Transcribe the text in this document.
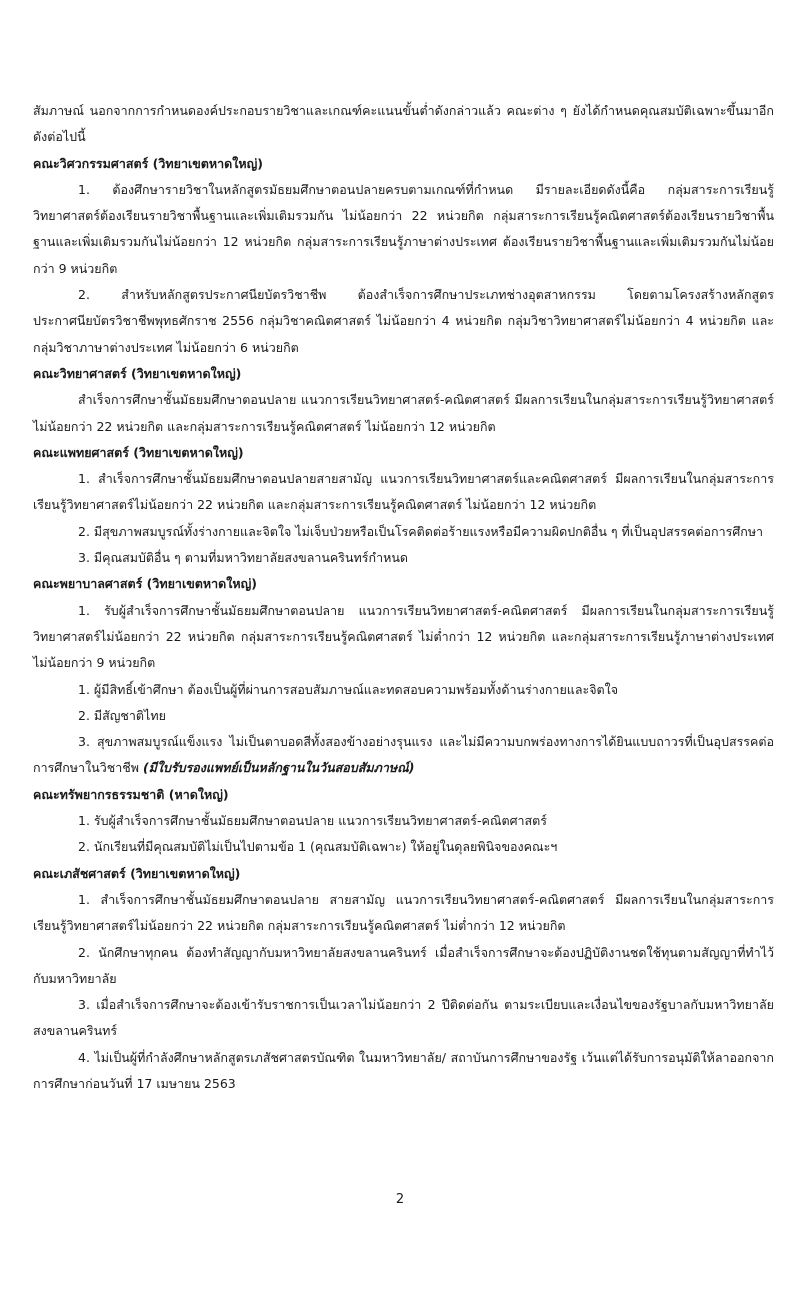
สัมภาษณ์ นอกจากการกำหนดองค์ประกอบรายวิชาและเกณฑ์คะแนนขั้นต่ำดังกล่าวแล้ว คณะต่าง ๆ ยังได้กำหนดคุณสมบัติเฉพาะขึ้นมาอีกดังต่อไปนี้

คณะวิศวกรรมศาสตร์ (วิทยาเขตหาดใหญ่)

1. ต้องศึกษารายวิชาในหลักสูตรมัธยมศึกษาตอนปลายครบตามเกณฑ์ที่กำหนด มีรายละเอียดดังนี้คือ กลุ่มสาระการเรียนรู้วิทยาศาสตร์ต้องเรียนรายวิชาพื้นฐานและเพิ่มเติมรวมกัน ไม่น้อยกว่า 22 หน่วยกิต กลุ่มสาระการเรียนรู้คณิตศาสตร์ต้องเรียนรายวิชาพื้นฐานและเพิ่มเติมรวมกันไม่น้อยกว่า 12 หน่วยกิต กลุ่มสาระการเรียนรู้ภาษาต่างประเทศ ต้องเรียนรายวิชาพื้นฐานและเพิ่มเติมรวมกันไม่น้อยกว่า 9 หน่วยกิต

2. สำหรับหลักสูตรประกาศนียบัตรวิชาชีพ ต้องสำเร็จการศึกษาประเภทช่างอุตสาหกรรม โดยตามโครงสร้างหลักสูตรประกาศนียบัตรวิชาชีพพุทธศักราช 2556 กลุ่มวิชาคณิตศาสตร์ ไม่น้อยกว่า 4 หน่วยกิต กลุ่มวิชาวิทยาศาสตร์ไม่น้อยกว่า 4 หน่วยกิต และกลุ่มวิชาภาษาต่างประเทศ ไม่น้อยกว่า 6 หน่วยกิต

คณะวิทยาศาสตร์ (วิทยาเขตหาดใหญ่)

สำเร็จการศึกษาชั้นมัธยมศึกษาตอนปลาย แนวการเรียนวิทยาศาสตร์-คณิตศาสตร์ มีผลการเรียนในกลุ่มสาระการเรียนรู้วิทยาศาสตร์ไม่น้อยกว่า 22 หน่วยกิต และกลุ่มสาระการเรียนรู้คณิตศาสตร์ ไม่น้อยกว่า 12 หน่วยกิต

คณะแพทยศาสตร์ (วิทยาเขตหาดใหญ่)

1. สำเร็จการศึกษาชั้นมัธยมศึกษาตอนปลายสายสามัญ แนวการเรียนวิทยาศาสตร์และคณิตศาสตร์ มีผลการเรียนในกลุ่มสาระการเรียนรู้วิทยาศาสตร์ไม่น้อยกว่า 22 หน่วยกิต และกลุ่มสาระการเรียนรู้คณิตศาสตร์ ไม่น้อยกว่า 12 หน่วยกิต

2. มีสุขภาพสมบูรณ์ทั้งร่างกายและจิตใจ ไม่เจ็บป่วยหรือเป็นโรคติดต่อร้ายแรงหรือมีความผิดปกติอื่น ๆ ที่เป็นอุปสรรคต่อการศึกษา

3. มีคุณสมบัติอื่น ๆ ตามที่มหาวิทยาลัยสงขลานครินทร์กำหนด

คณะพยาบาลศาสตร์ (วิทยาเขตหาดใหญ่)

1. รับผู้สำเร็จการศึกษาชั้นมัธยมศึกษาตอนปลาย แนวการเรียนวิทยาศาสตร์-คณิตศาสตร์ มีผลการเรียนในกลุ่มสาระการเรียนรู้วิทยาศาสตร์ไม่น้อยกว่า 22 หน่วยกิต กลุ่มสาระการเรียนรู้คณิตศาสตร์ ไม่ต่ำกว่า 12 หน่วยกิต และกลุ่มสาระการเรียนรู้ภาษาต่างประเทศ ไม่น้อยกว่า 9 หน่วยกิต

1. ผู้มีสิทธิ์เข้าศึกษา ต้องเป็นผู้ที่ผ่านการสอบสัมภาษณ์และทดสอบความพร้อมทั้งด้านร่างกายและจิตใจ

2. มีสัญชาติไทย

3. สุขภาพสมบูรณ์แข็งแรง ไม่เป็นตาบอดสีทั้งสองข้างอย่างรุนแรง และไม่มีความบกพร่องทางการได้ยินแบบถาวรที่เป็นอุปสรรคต่อการศึกษาในวิชาชีพ (มีใบรับรองแพทย์เป็นหลักฐานในวันสอบสัมภาษณ์)

คณะทรัพยากรธรรมชาติ (หาดใหญ่)

1. รับผู้สำเร็จการศึกษาชั้นมัธยมศึกษาตอนปลาย แนวการเรียนวิทยาศาสตร์-คณิตศาสตร์

2. นักเรียนที่มีคุณสมบัติไม่เป็นไปตามข้อ 1 (คุณสมบัติเฉพาะ) ให้อยู่ในดุลยพินิจของคณะฯ

คณะเภสัชศาสตร์ (วิทยาเขตหาดใหญ่)

1. สำเร็จการศึกษาชั้นมัธยมศึกษาตอนปลาย สายสามัญ แนวการเรียนวิทยาศาสตร์-คณิตศาสตร์ มีผลการเรียนในกลุ่มสาระการเรียนรู้วิทยาศาสตร์ไม่น้อยกว่า 22 หน่วยกิต กลุ่มสาระการเรียนรู้คณิตศาสตร์ ไม่ต่ำกว่า 12 หน่วยกิต

2. นักศึกษาทุกคน ต้องทำสัญญากับมหาวิทยาลัยสงขลานครินทร์ เมื่อสำเร็จการศึกษาจะต้องปฏิบัติงานชดใช้ทุนตามสัญญาที่ทำไว้กับมหาวิทยาลัย

3. เมื่อสำเร็จการศึกษาจะต้องเข้ารับราชการเป็นเวลาไม่น้อยกว่า 2 ปีติดต่อกัน ตามระเบียบและเงื่อนไขของรัฐบาลกับมหาวิทยาลัยสงขลานครินทร์

4. ไม่เป็นผู้ที่กำลังศึกษาหลักสูตรเภสัชศาสตรบัณฑิต ในมหาวิทยาลัย/ สถาบันการศึกษาของรัฐ เว้นแต่ได้รับการอนุมัติให้ลาออกจากการศึกษาก่อนวันที่ 17 เมษายน 2563

2
